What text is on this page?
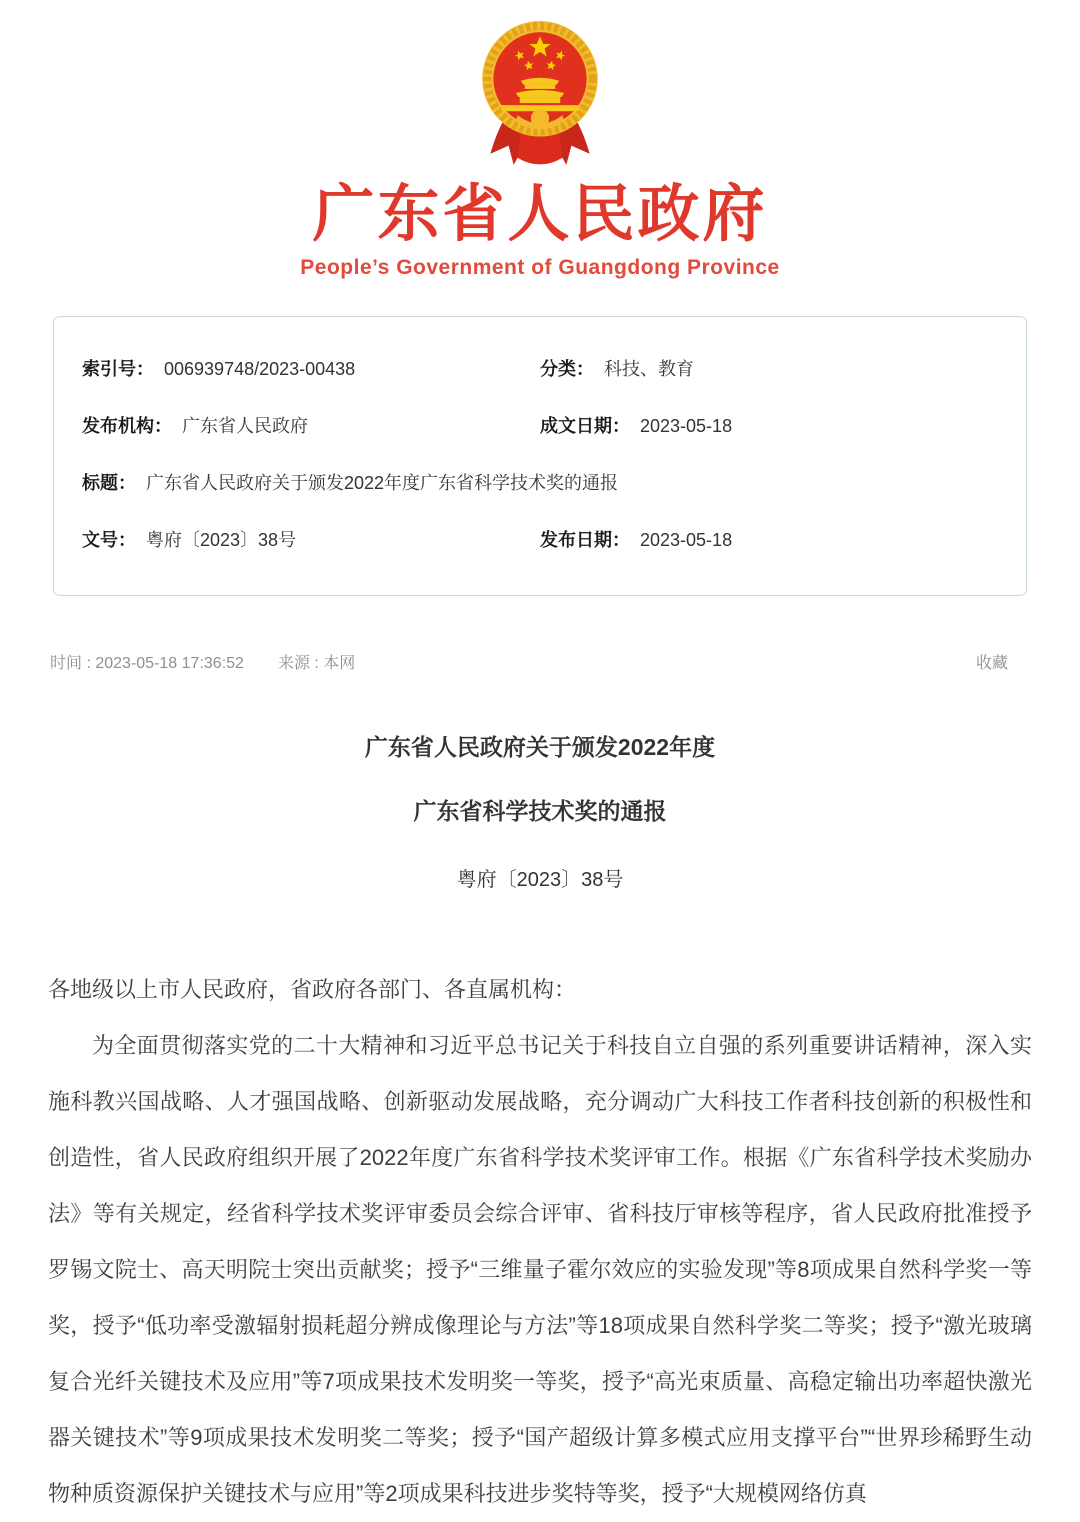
广东省人民政府
People’s Government of Guangdong Province
索引号： 006939748/2023-00438	分类： 科技、教育
发布机构： 广东省人民政府	成文日期： 2023-05-18
标题： 广东省人民政府关于颁发2022年度广东省科学技术奖的通报
文号： 粤府〔2023〕38号	发布日期： 2023-05-18
时间 : 2023-05-18 17:36:52 来源 : 本网	收藏
广东省人民政府关于颁发2022年度
广东省科学技术奖的通报
粤府〔2023〕38号

各地级以上市人民政府，省政府各部门、各直属机构：

为全面贯彻落实党的二十大精神和习近平总书记关于科技自立自强的系列重要讲话精神，深入实施科教兴国战略、人才强国战略、创新驱动发展战略，充分调动广大科技工作者科技创新的积极性和创造性，省人民政府组织开展了2022年度广东省科学技术奖评审工作。根据《广东省科学技术奖励办法》等有关规定，经省科学技术奖评审委员会综合评审、省科技厅审核等程序，省人民政府批准授予罗锡文院士、高天明院士突出贡献奖；授予“三维量子霍尔效应的实验发现”等8项成果自然科学奖一等奖，授予“低功率受激辐射损耗超分辨成像理论与方法”等18项成果自然科学奖二等奖；授予“激光玻璃复合光纤关键技术及应用”等7项成果技术发明奖一等奖，授予“高光束质量、高稳定输出功率超快激光器关键技术”等9项成果技术发明奖二等奖；授予“国产超级计算多模式应用支撑平台”“世界珍稀野生动物种质资源保护关键技术与应用”等2项成果科技进步奖特等奖，授予“大规模网络仿真
